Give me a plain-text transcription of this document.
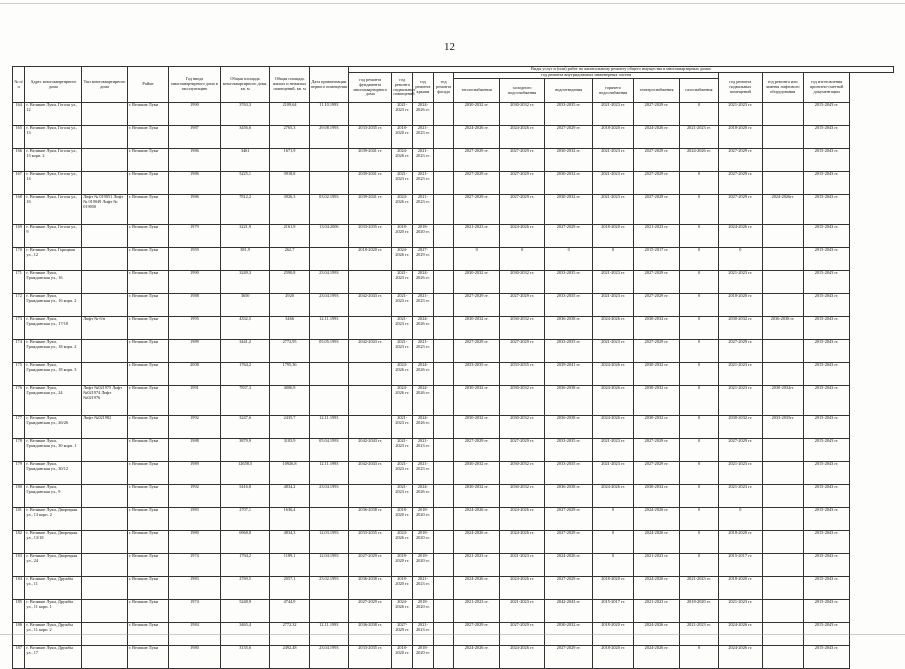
12
№ п/п	Адрес многоквартирного дома	Тип многоквартирного дома	Район	Год ввода многоквартирного дома в эксплуатацию	Общая площадь многоквартирного дома, кв. м	Общая площадь жилых и нежилых помещений, кв. м	Дата приватизации первого помещения	Виды услуг и (или) работ по капитальному ремонту общего имущества в многоквартирных домах													
								год ремонта фундамента многоквартирного дома	год ремонта подвальных помещений	год ремонта крыши	год ремонта фасада	год ремонта внутридомовых инженерных систем						год ремонта подвальных помещений	год ремонта или замены лифтового оборудования	год изготовления проектно-сметной документации	
												теплоснабжения	холодного водоснабжения	водоотведения	горячего водоснабжения	электроснабжения	газоснабжения				
164	г. Великие Луки, Гоголя ул., 12		г. Великие Луки	1990	3763,3	2109,64	11.10.1993		2021-2023 гг.	2024-2026 гг.		2030-2032 гг.	2030-2032 гг.	2033-2035 гг.	2021-2023 гг.	2027-2029 гг.	0	2021-2023 гг.		2015-2043 гг.	
165	г. Великие Луки, Гоголя ул., 13		г. Великие Луки	1987	3456,6	2765,3	29.08.1993	2033-2035 гг.	2018-2020 гг.	2021-2023 гг.		2024-2026 гг.	2024-2026 гг.	2027-2029 гг.	2018-2020 гг.	2024-2026 гг.	2021-2023 гг.	2018-2020 гг.		2015-2043 гг.	
166	г. Великие Луки, Гоголя ул., 13 корп. 2		г. Великие Луки	1986	3461	1671,9		2039-2041 гг.	2024-2026 гг.	2021-2023 гг.		2027-2029 гг.	2027-2029 гг.	2030-2032 гг.	2021-2023 гг.	2027-2029 гг.	2024-2026 гг.	2027-2029 гг.		2015-2043 гг.	
167	г. Великие Луки, Гоголя ул., 14		г. Великие Луки	1986	5225,1	3918,8		2039-2041 гг.	2021-2023 гг.	2021-2023 гг.		2027-2029 гг.	2027-2029 гг.	2030-2032 гг.	2021-2023 гг.	2027-2029 гг.	0	2027-2029 гг.		2015-2043 гг.	
168	г. Великие Луки, Гоголя ул., 16	Лифт № 019051 Лифт № 019049 Лифт № 019050	г. Великие Луки	1986	7812,2	3926,3	03.02.1993	2039-2041 гг.	2024-2026 гг.	2021-2023 гг.		2027-2029 гг.	2027-2029 гг.	2030-2032 гг.	2021-2023 гг.	2027-2029 гг.	0	2027-2029 гг.	2024-2026гг	2015-2043 гг.	
169	г. Великие Луки, Гоголя ул., 9		г. Великие Луки	1979	3221,9	2161,9	13.04.2006	2033-2035 гг.	2018-2020 гг.	2018-2020 гг.		2021-2023 гг.	2024-2026 гг.	2027-2029 гг.	2018-2020 гг.	2021-2023 гг.	0	2024-2026 гг.		2015-2043 гг.	
170	г. Великие Луки, Горицкая ул., 12		г. Великие Луки	1959	381,9	262,7		2018-2020 гг.	2024-2026 гг.	2027-2029 гг.		0	0	0	0	2015-2017 гг.	0	0		2015-2043 гг.	
171	г. Великие Луки, Гражданская ул., 16		г. Великие Луки	1990	3249,3	2590,8	23.04.1993		2021-2023 гг.	2024-2026 гг.		2030-2032 гг.	2030-2032 гг.	2033-2035 гг.	2021-2023 гг.	2027-2029 гг.	0	2021-2023 гг.		2015-2043 гг.	
172	г. Великие Луки, Гражданская ул., 16 корп. 2		г. Великие Луки	1988	3650	2920	23.04.1993	2042-2043 гг.	2021-2023 гг.	2021-2023 гг.		2027-2029 гг.	2027-2029 гг.	2033-2035 гг.	2021-2023 гг.	2027-2029 гг.	0	2018-2020 гг.		2015-2043 гг.	
173	г. Великие Луки, Гражданская ул., 17/18	Лифт № б/н	г. Великие Луки	1995	4332,5	3466	12.11.1993		2021-2023 гг.	2024-2026 гг.		2030-2032 гг.	2030-2032 гг.	2036-2038 гг.	2024-2026 гг.	2030-2032 гг.	0	2030-2032 гг.	2036-2038 гг.	2015-2043 гг.	
174	г. Великие Луки, Гражданская ул., 18 корп. 2		г. Великие Луки	1989	3441,2	2772,95	05.05.1993	2042-2043 гг.	2021-2023 гг.	2021-2023 гг.		2027-2029 гг.	2027-2029 гг.	2033-2035 гг.	2021-2023 гг.	2027-2029 гг.	0	2027-2029 гг.		2015-2043 гг.	
175	г. Великие Луки, Гражданская ул., 18 корп. 3		г. Великие Луки	2008	1764,2	1795,36			2024-2026 гг.	2024-2026 гг.		2033-2035 гг.	2033-2035 гг.	2039-2041 гг.	2024-2026 гг.	2030-2032 гг.	0	2021-2023 гг.		2015-2043 гг.	
176	г. Великие Луки, Гражданская ул., 24	Лифт №021975 Лифт №021974 Лифт №021976	г. Великие Луки	1991	7837,3	4006,9			2024-2026 гг.	2024-2026 гг.		2030-2032 гг.	2030-2032 гг.	2036-2038 гг.	2024-2026 гг.	2030-2032 гг.	0	2021-2023 гг.	2030-2032гг	2015-2043 гг.	
177	г. Великие Луки, Гражданская ул., 26/26	Лифт №021982	г. Великие Луки	1992	3247,6	2435,7	12.11.1993		2021-2023 гг.	2024-2026 гг.		2030-2032 гг.	2030-2032 гг.	2036-2038 гг.	2024-2026 гг.	2030-2032 гг.	0	2030-2032 гг.	2033-2035гг	2015-2043 гг.	
178	г. Великие Луки, Гражданская ул., 30 корп. 1		г. Великие Луки	1988	3879,9	3103,9	05.04.1993	2042-2043 гг.	2021-2023 гг.	2021-2023 гг.		2027-2029 гг.	2027-2029 гг.	2033-2035 гг.	2021-2023 гг.	2027-2029 гг.	0	2027-2029 гг.		2015-2043 гг.	
179	г. Великие Луки, Гражданская ул., 30/12		г. Великие Луки	1989	12658,5	10926,8	12.11.1993	2042-2043 гг.	2021-2023 гг.	2021-2023 гг.		2030-2032 гг.	2030-2032 гг.	2033-2035 гг.	2021-2023 гг.	2027-2029 гг.	0	2021-2023 гг.		2015-2043 гг.	
180	г. Великие Луки, Гражданская ул., 9		г. Великие Луки	1992	5416,8	4834,2	23.04.1993		2021-2023 гг.	2024-2026 гг.		2030-2032 гг.	2030-2032 гг.	2036-2038 гг.	2024-2026 гг.	2030-2032 гг.	0	2021-2023 гг.		2015-2043 гг.	
181	г. Великие Луки, Дворецкая ул., 13 корп. 2		г. Великие Луки	1983	2707,1	1636,4		2036-2038 гг.	2018-2020 гг.	2018-2020 гг.		2024-2026 гг.	2024-2026 гг.	2027-2029 гг.	0	2024-2026 гг.	0	0		2015-2043 гг.	
182	г. Великие Луки, Дворецкая ул., 13/18		г. Великие Луки	1980	6968,8	4834,3	12.03.1993	2033-2035 гг.	2024-2026 гг.	2018-2020 гг.		2024-2026 гг.	2024-2026 гг.	2027-2029 гг.	0	2024-2026 гг.	0	2018-2020 гг.		2015-2043 гг.	
183	г. Великие Луки, Дворецкая ул., 24		г. Великие Луки	1974	1794,2	1189,1	12.04.1993	2027-2029 гг.	2018-2020 гг.	2018-2020 гг.		2021-2023 гг.	2021-2023 гг.	2024-2026 гг.	0	2021-2023 гг.	0	2015-2017 гг.		2015-2043 гг.	
184	г. Великие Луки, Дружбы ул., 11		г. Великие Луки	1983	2769,5	2057,1	23.02.1993	2036-2038 гг.	2018-2020 гг.	2021-2023 гг.		2024-2026 гг.	2024-2026 гг.	2027-2029 гг.	2018-2020 гг.	2024-2026 гг.	2021-2023 гг.	2018-2020 гг.		2015-2043 гг.	
185	г. Великие Луки, Дружбы ул., 11 корп. 1		г. Великие Луки	1974	5248,9	4744,9		2027-2029 гг.	2024-2026 гг.	2018-2020 гг.		2021-2023 гг.	2021-2023 гг.	2042-2043 гг.	2015-2017 гг.	2021-2023 гг.	2018-2020 гг.	2021-2023 гг.		2015-2043 гг.	
186	г. Великие Луки, Дружбы ул., 11 корп. 2		г. Великие Луки	1984	3465,4	2772,32	12.11.1993	2036-2038 гг.	2027-2029 гг.	2021-2023 гг.		2027-2029 гг.	2027-2029 гг.	2030-2032 гг.	2018-2020 гг.	2024-2026 гг.	2021-2023 гг.	2024-2026 гг.		2015-2043 гг.	
187	г. Великие Луки, Дружбы ул., 17		г. Великие Луки	1980	3135,6	2492,48	23.04.1993	2033-2035 гг.	2018-2020 гг.	2018-2020 гг.		2024-2026 гг.	2024-2026 гг.	2027-2029 гг.	2018-2020 гг.	2024-2026 гг.	0	2024-2026 гг.		2015-2043 гг.	
